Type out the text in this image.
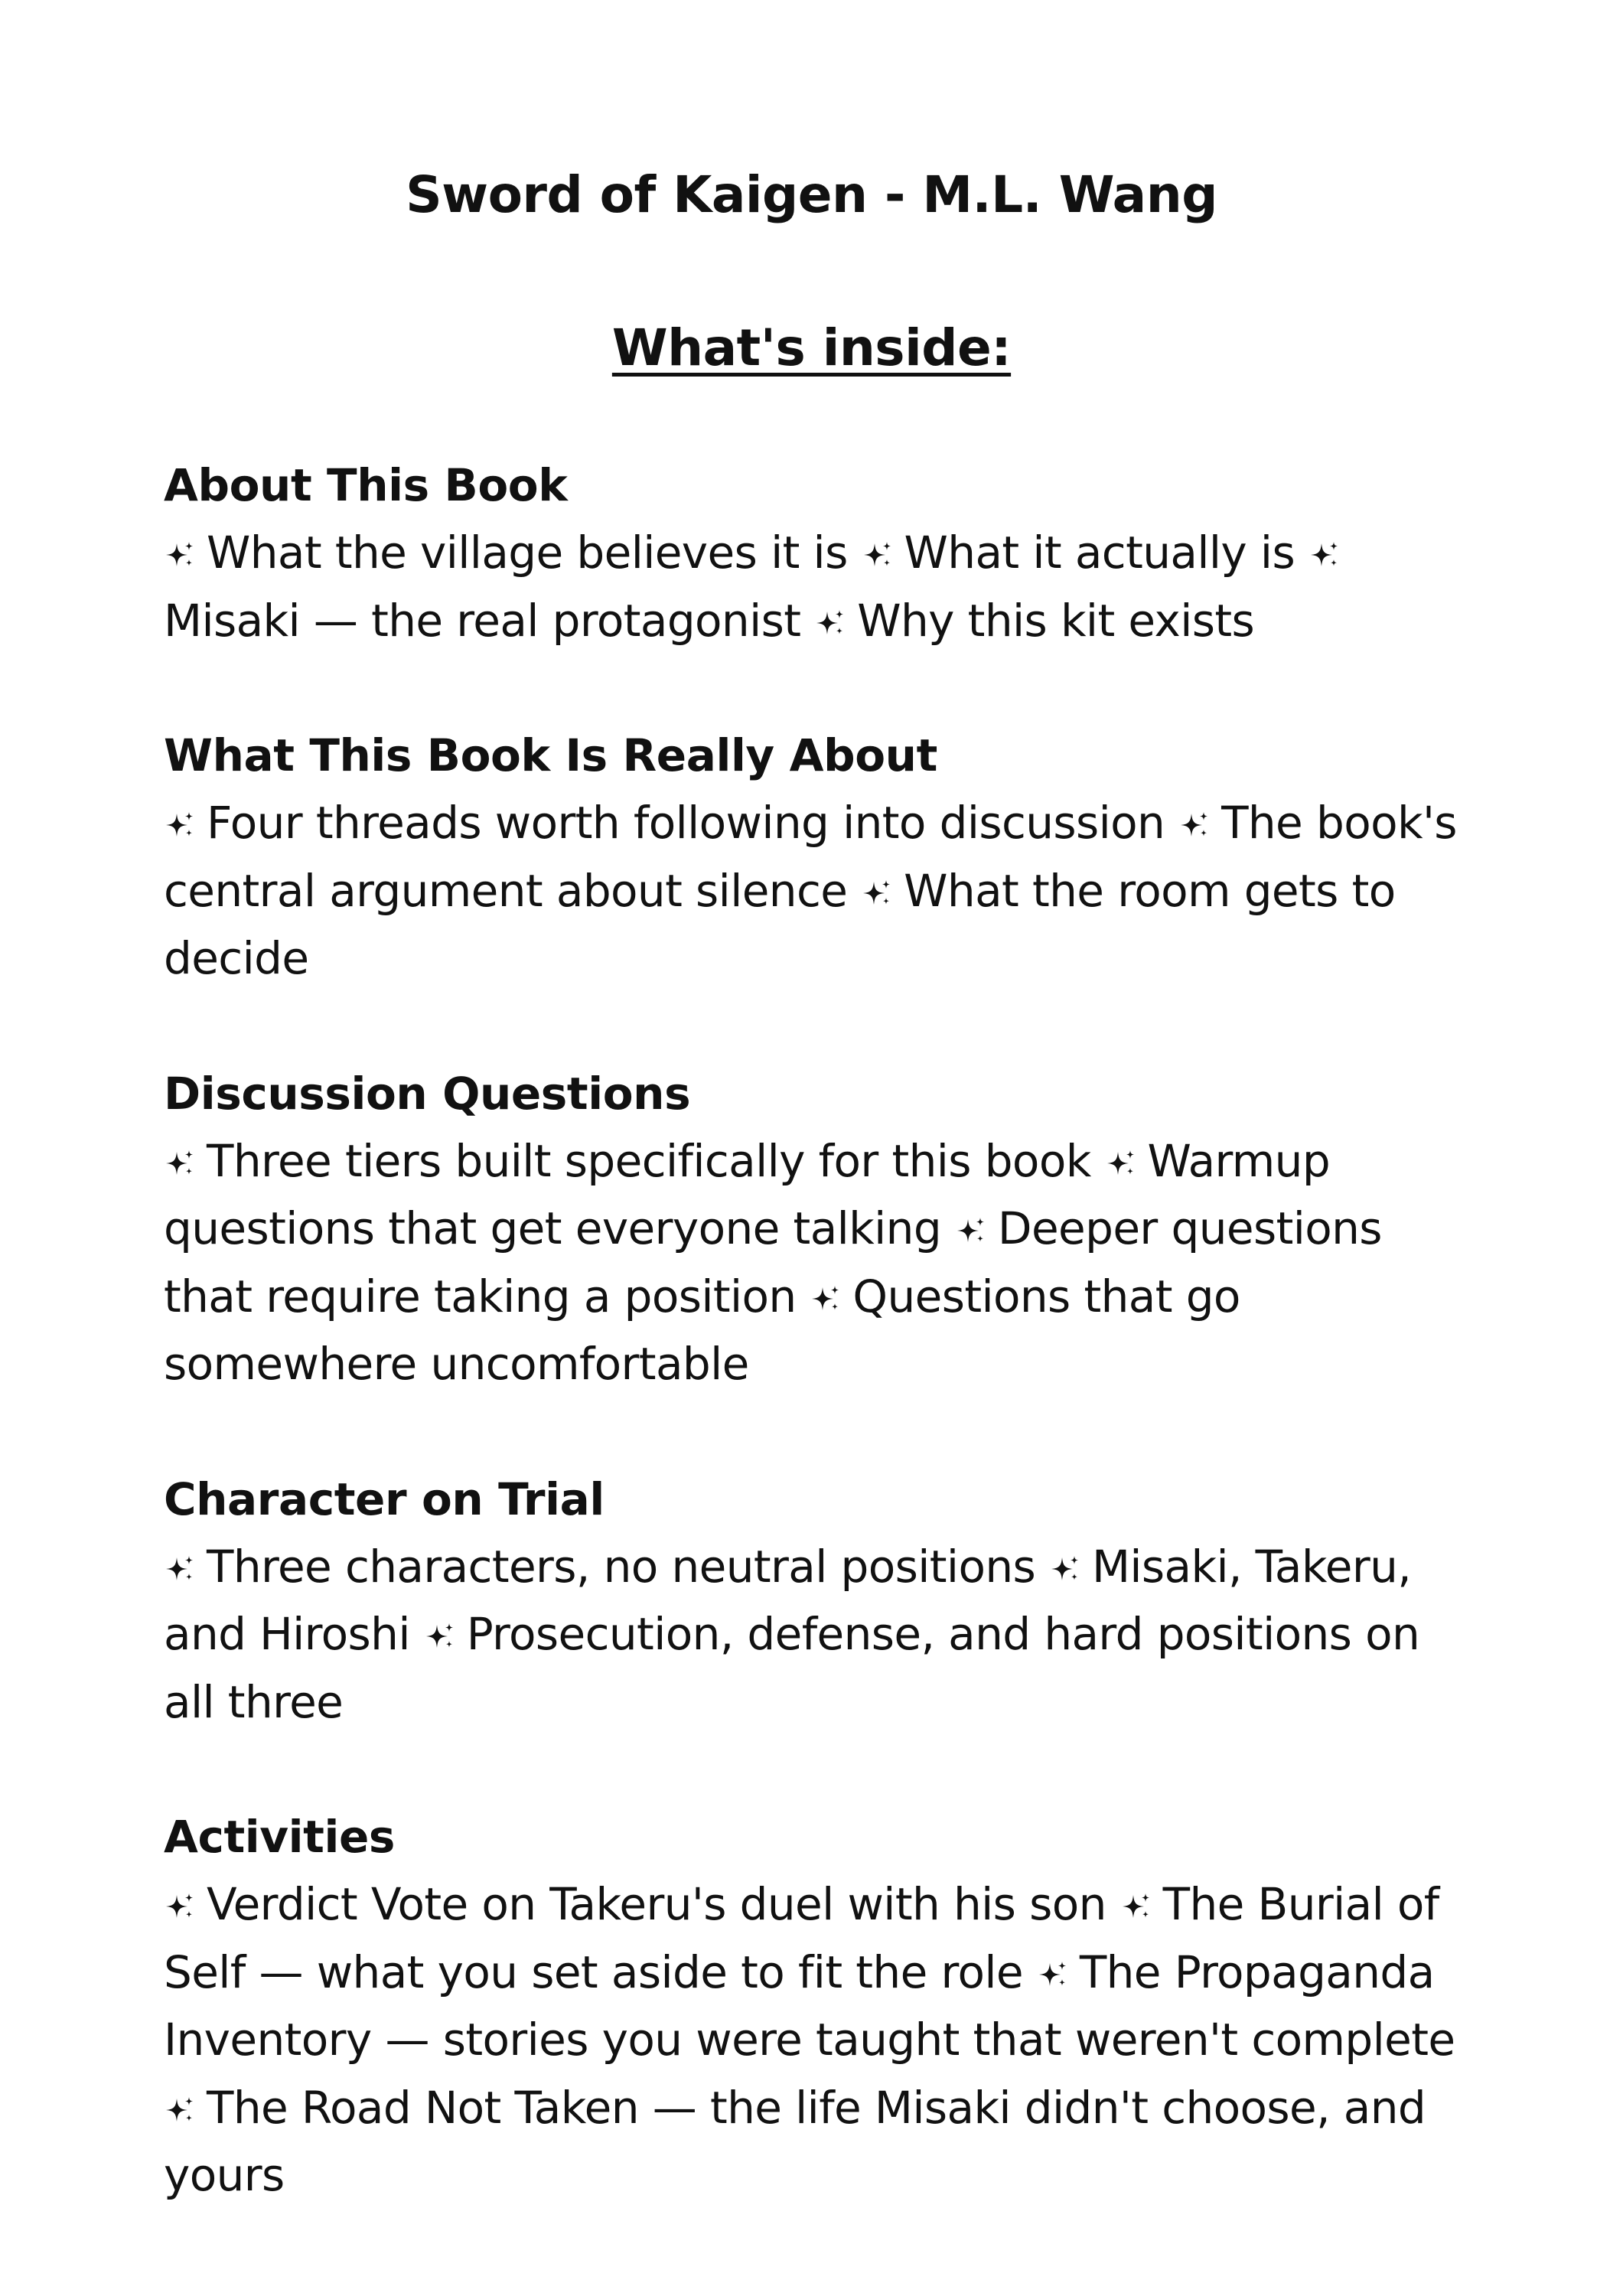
Sword of Kaigen - M.L. Wang
What's inside:
About This Book

What the village believes it is What it actually is
Misaki — the real protagonist Why this kit exists

What This Book Is Really About

Four threads worth following into discussion The book's central argument about silence What the room gets to decide

Discussion Questions

Three tiers built specifically for this book Warmup questions that get everyone talking Deeper questions that require taking a position Questions that go somewhere uncomfortable

Character on Trial

Three characters, no neutral positions Misaki, Takeru, and Hiroshi Prosecution, defense, and hard positions on all three

Activities

Verdict Vote on Takeru's duel with his son The Burial of Self — what you set aside to fit the role The Propaganda Inventory — stories you were taught that weren't complete
The Road Not Taken — the life Misaki didn't choose, and yours
